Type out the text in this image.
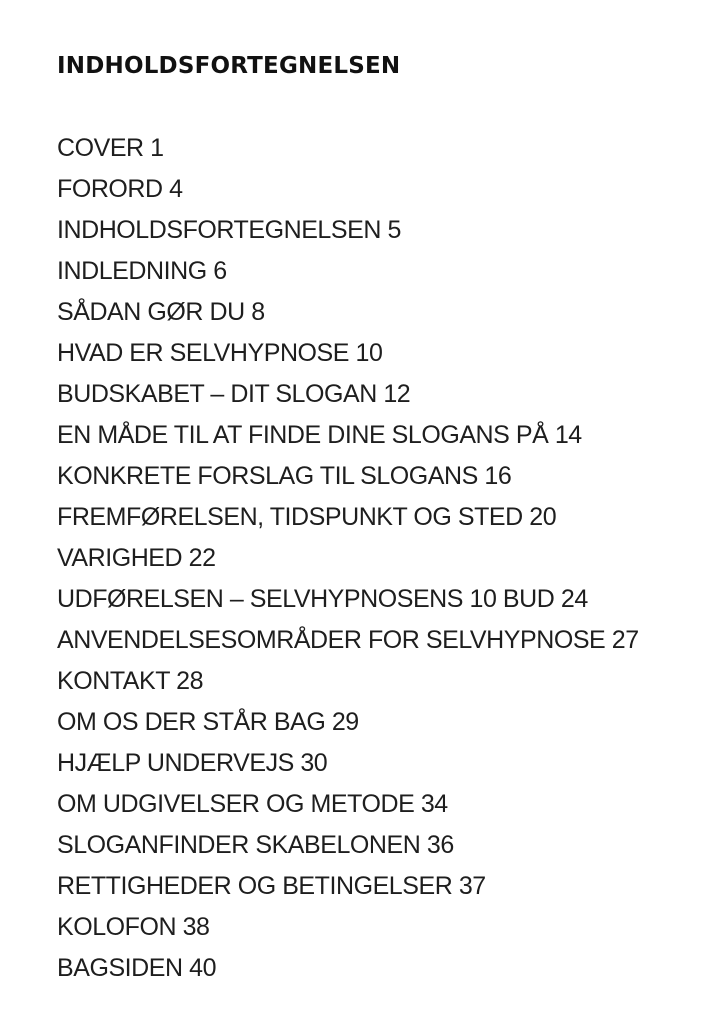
INDHOLDSFORTEGNELSEN
COVER 1
FORORD 4
INDHOLDSFORTEGNELSEN 5
INDLEDNING 6
SÅDAN GØR DU 8
HVAD ER SELVHYPNOSE 10
BUDSKABET – DIT SLOGAN 12
EN MÅDE TIL AT FINDE DINE SLOGANS PÅ 14
KONKRETE FORSLAG TIL SLOGANS 16
FREMFØRELSEN, TIDSPUNKT OG STED 20
VARIGHED 22
UDFØRELSEN – SELVHYPNOSENS 10 BUD 24
ANVENDELSESOMRÅDER FOR SELVHYPNOSE 27
KONTAKT 28
OM OS DER STÅR BAG 29
HJÆLP UNDERVEJS 30
OM UDGIVELSER OG METODE 34
SLOGANFINDER SKABELONEN 36
RETTIGHEDER OG BETINGELSER 37
KOLOFON 38
BAGSIDEN 40
